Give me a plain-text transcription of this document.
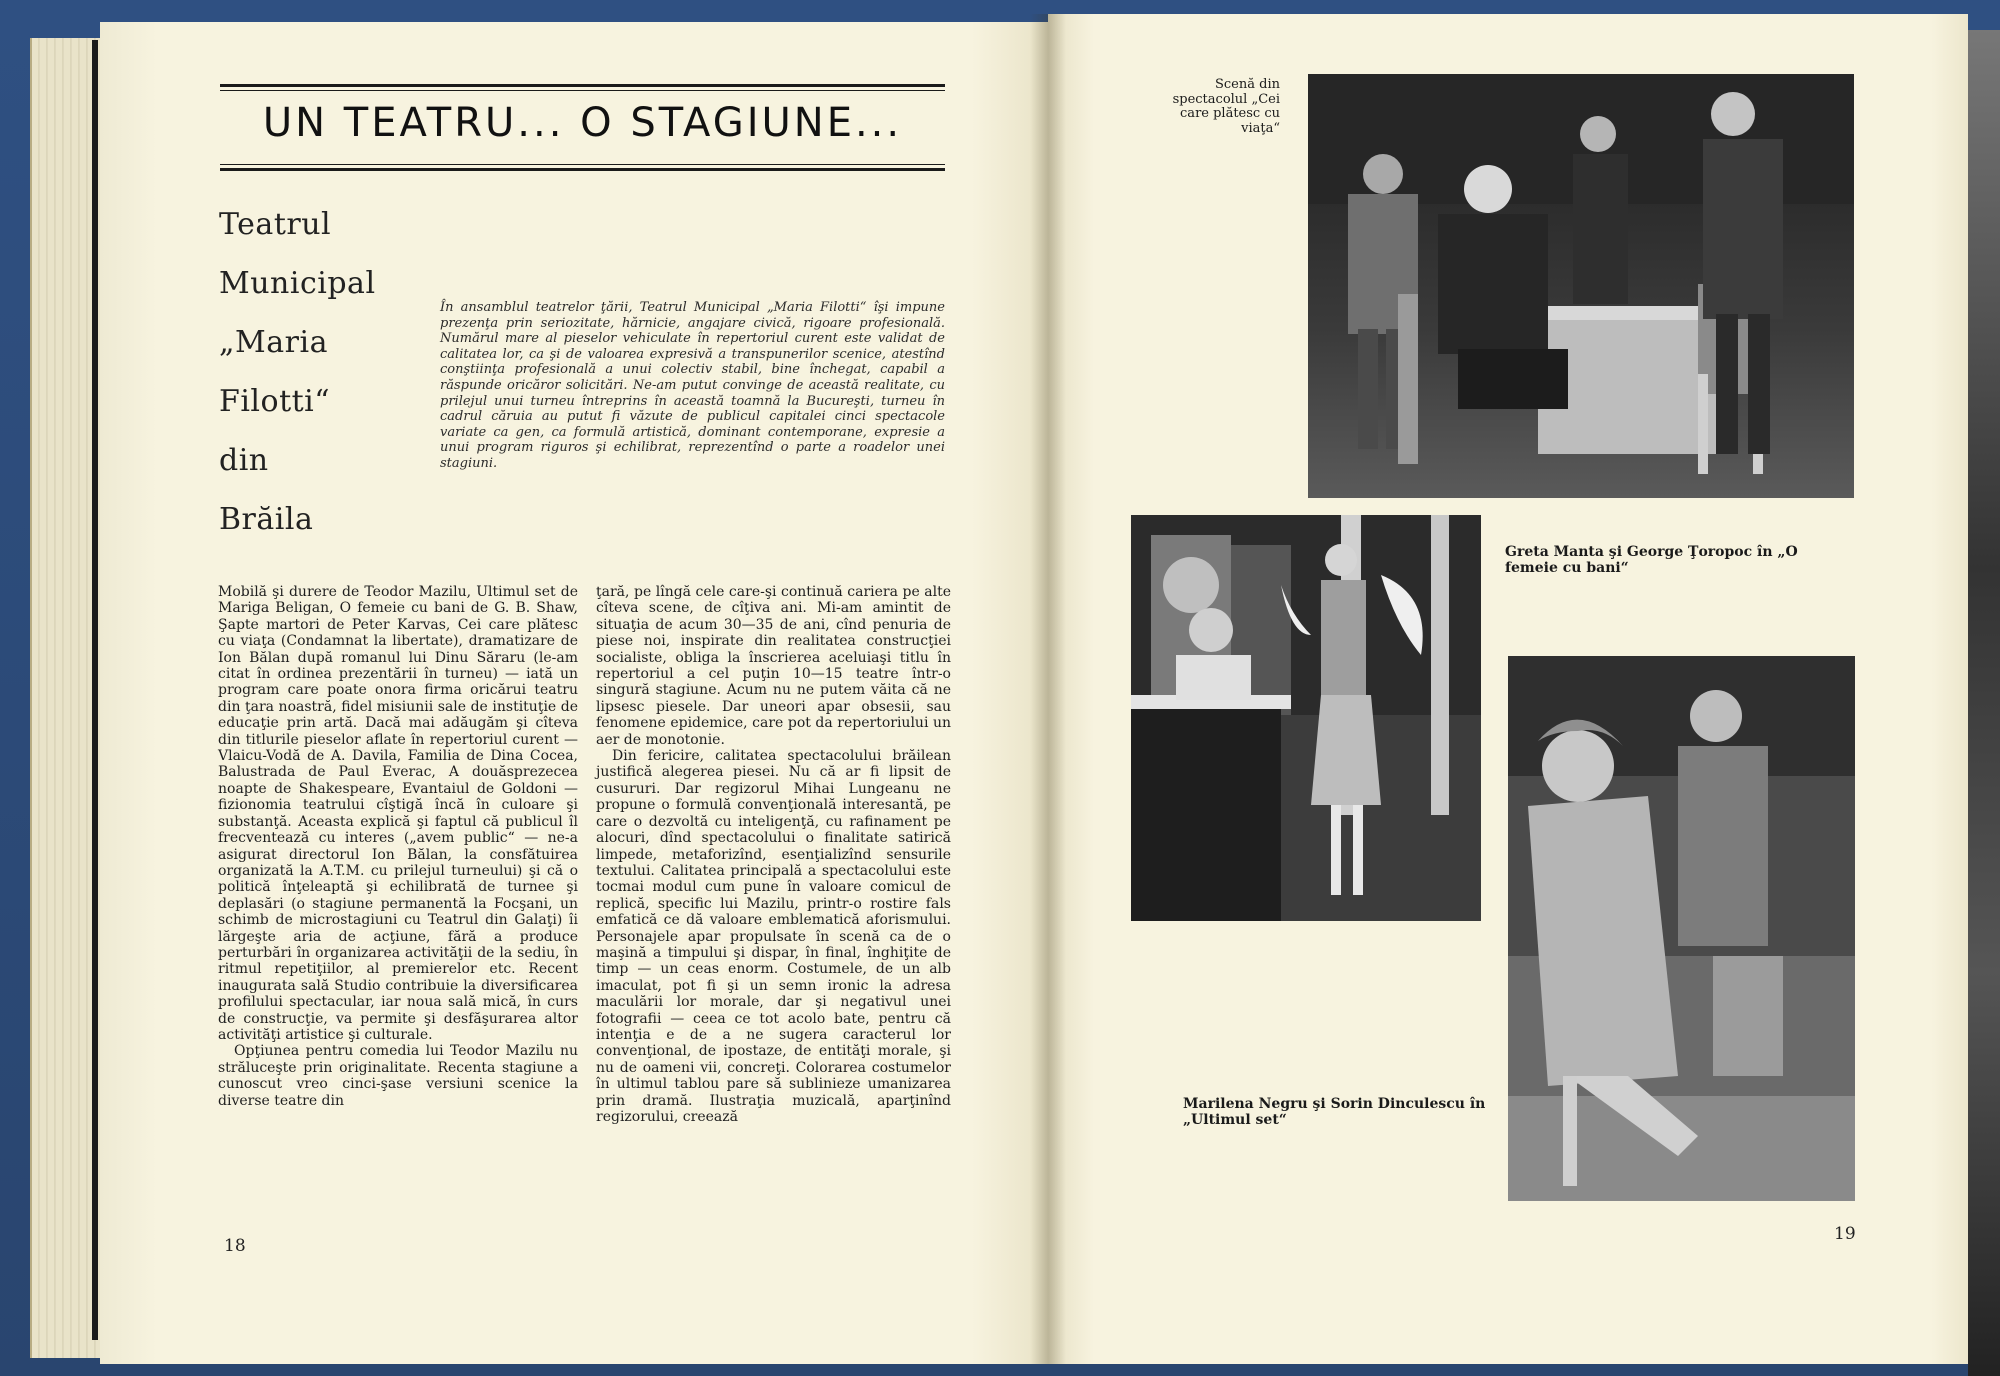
UN TEATRU... O STAGIUNE...
Teatrul
Municipal
„Maria
Filotti“
din
Brăila
În ansamblul teatrelor ţării, Teatrul Municipal „Maria Filotti“ îşi impune prezenţa prin seriozitate, hărnicie, angajare civică, rigoare profesională. Numărul mare al pieselor vehiculate în repertoriul curent este validat de calitatea lor, ca şi de valoarea expresivă a transpunerilor scenice, atestînd conştiinţa profesională a unui colectiv stabil, bine închegat, capabil a răspunde oricăror solicitări. Ne-am putut convinge de această realitate, cu prilejul unui turneu întreprins în această toamnă la Bucureşti, turneu în cadrul căruia au putut fi văzute de publicul capitalei cinci spectacole variate ca gen, ca formulă artistică, dominant contemporane, expresie a unui program riguros şi echilibrat, reprezentînd o parte a roadelor unei stagiuni.

Mobilă şi durere de Teodor Mazilu, Ultimul set de Mariga Beligan, O femeie cu bani de G. B. Shaw, Şapte martori de Peter Karvas, Cei care plătesc cu viaţa (Condamnat la libertate), dramatizare de Ion Bălan după romanul lui Dinu Săraru (le-am citat în ordinea prezentării în turneu) — iată un program care poate onora firma oricărui teatru din ţara noastră, fidel misiunii sale de instituţie de educaţie prin artă. Dacă mai adăugăm şi cîteva din titlurile pieselor aflate în repertoriul curent — Vlaicu-Vodă de A. Davila, Familia de Dina Cocea, Balustrada de Paul Everac, A douăsprezecea noapte de Shakespeare, Evantaiul de Goldoni — fizionomia teatrului cîştigă încă în culoare şi substanţă. Aceasta explică şi faptul că publicul îl frecventează cu interes („avem public“ — ne-a asigurat directorul Ion Bălan, la consfătuirea organizată la A.T.M. cu prilejul turneului) şi că o politică înţeleaptă şi echilibrată de turnee şi deplasări (o stagiune permanentă la Focşani, un schimb de microstagiuni cu Teatrul din Galaţi) îi lărgeşte aria de acţiune, fără a produce perturbări în organizarea activităţii de la sediu, în ritmul repetiţiilor, al premierelor etc. Recent inaugurata sală Studio contribuie la diversificarea profilului spectacular, iar noua sală mică, în curs de construcţie, va permite şi desfăşurarea altor activităţi artistice şi culturale.

Opţiunea pentru comedia lui Teodor Mazilu nu străluceşte prin originalitate. Recenta stagiune a cunoscut vreo cinci-şase versiuni scenice la diverse teatre din

ţară, pe lîngă cele care-şi continuă cariera pe alte cîteva scene, de cîţiva ani. Mi-am amintit de situaţia de acum 30—35 de ani, cînd penuria de piese noi, inspirate din realitatea construcţiei socialiste, obliga la înscrierea aceluiaşi titlu în repertoriul a cel puţin 10—15 teatre într-o singură stagiune. Acum nu ne putem văita că ne lipsesc piesele. Dar uneori apar obsesii, sau fenomene epidemice, care pot da repertoriului un aer de monotonie.

Din fericire, calitatea spectacolului brăilean justifică alegerea piesei. Nu că ar fi lipsit de cusururi. Dar regizorul Mihai Lungeanu ne propune o formulă convenţională interesantă, pe care o dezvoltă cu inteligenţă, cu rafinament pe alocuri, dînd spectacolului o finalitate satirică limpede, metaforizînd, esenţializînd sensurile textului. Calitatea principală a spectacolului este tocmai modul cum pune în valoare comicul de replică, specific lui Mazilu, printr-o rostire fals emfatică ce dă valoare emblematică aforismului. Personajele apar propulsate în scenă ca de o maşină a timpului şi dispar, în final, înghiţite de timp — un ceas enorm. Costumele, de un alb imaculat, pot fi şi un semn ironic la adresa maculării lor morale, dar şi negativul unei fotografii — ceea ce tot acolo bate, pentru că intenţia e de a ne sugera caracterul lor convenţional, de ipostaze, de entităţi morale, şi nu de oameni vii, concreţi. Colorarea costumelor în ultimul tablou pare să sublinieze umanizarea prin dramă. Ilustraţia muzicală, aparţinînd regizorului, creează

18
Scenă din spectacolul „Cei care plătesc cu viaţa“
Greta Manta şi George Ţoropoc în „O femeie cu bani“
Marilena Negru şi Sorin Dinculescu în „Ultimul set“
19
